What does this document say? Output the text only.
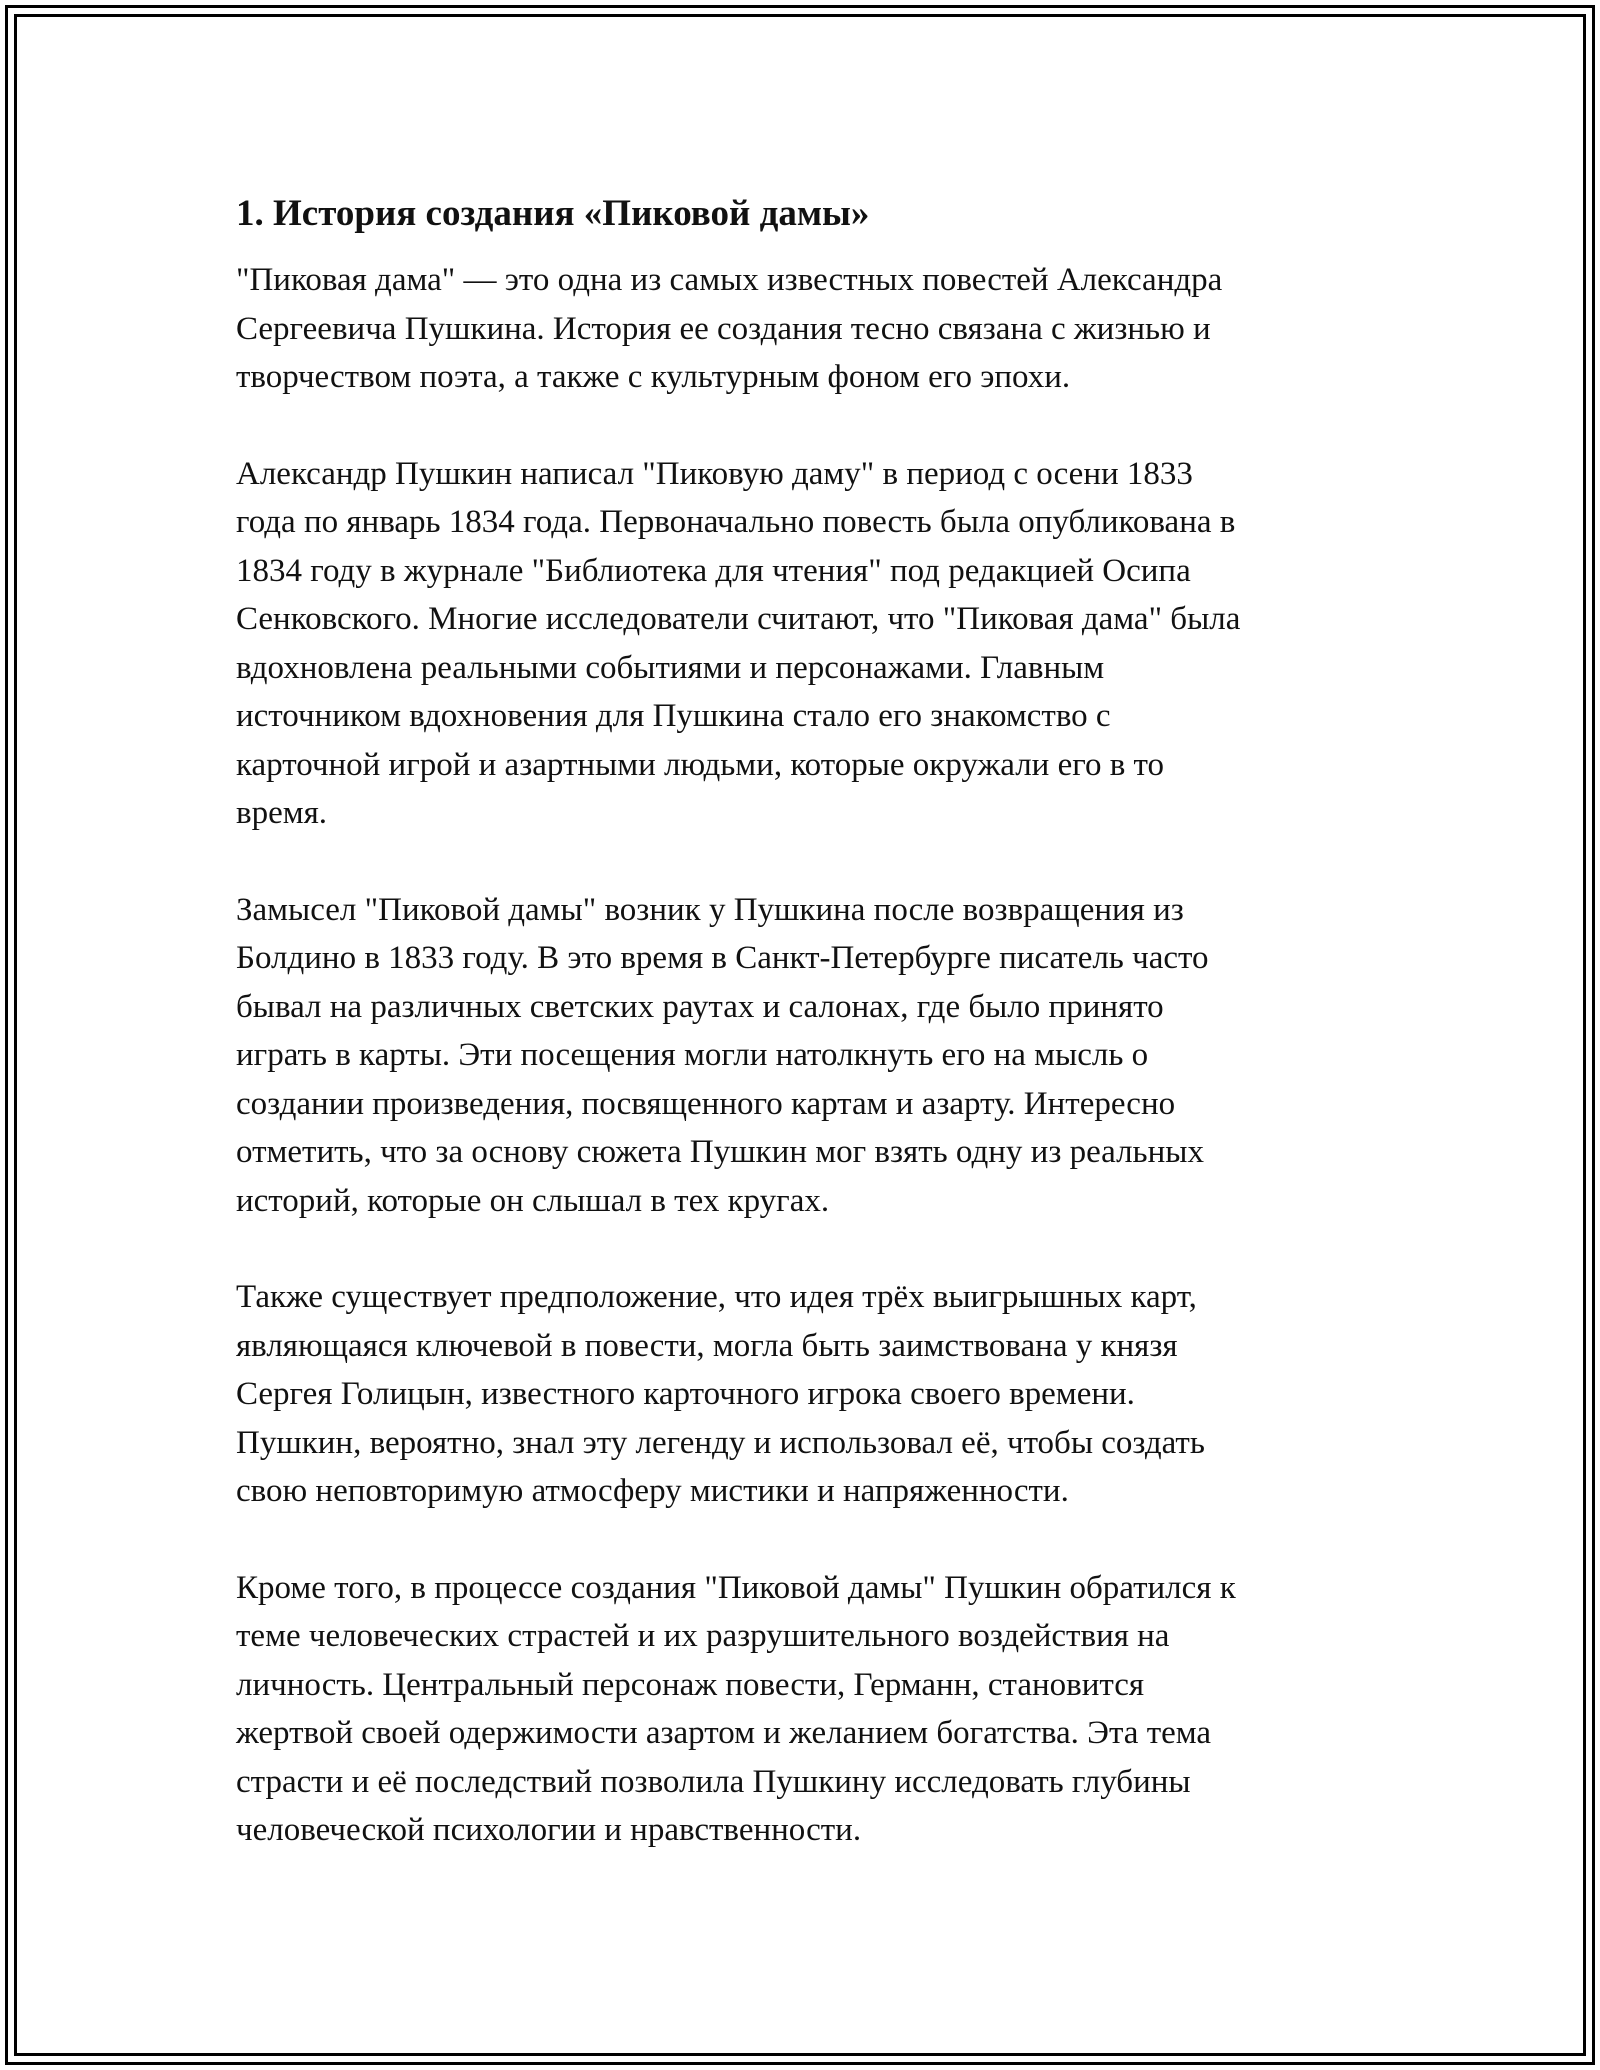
1. История создания «Пиковой дамы»

"Пиковая дама" — это одна из самых известных повестей Александра
Сергеевича Пушкина. История ее создания тесно связана с жизнью и
творчеством поэта, а также с культурным фоном его эпохи.

Александр Пушкин написал "Пиковую даму" в период с осени 1833
года по январь 1834 года. Первоначально повесть была опубликована в
1834 году в журнале "Библиотека для чтения" под редакцией Осипа
Сенковского. Многие исследователи считают, что "Пиковая дама" была
вдохновлена реальными событиями и персонажами. Главным
источником вдохновения для Пушкина стало его знакомство с
карточной игрой и азартными людьми, которые окружали его в то
время.

Замысел "Пиковой дамы" возник у Пушкина после возвращения из
Болдино в 1833 году. В это время в Санкт-Петербурге писатель часто
бывал на различных светских раутах и салонах, где было принято
играть в карты. Эти посещения могли натолкнуть его на мысль о
создании произведения, посвященного картам и азарту. Интересно
отметить, что за основу сюжета Пушкин мог взять одну из реальных
историй, которые он слышал в тех кругах.

Также существует предположение, что идея трёх выигрышных карт,
являющаяся ключевой в повести, могла быть заимствована у князя
Сергея Голицын, известного карточного игрока своего времени.
Пушкин, вероятно, знал эту легенду и использовал её, чтобы создать
свою неповторимую атмосферу мистики и напряженности.

Кроме того, в процессе создания "Пиковой дамы" Пушкин обратился к
теме человеческих страстей и их разрушительного воздействия на
личность. Центральный персонаж повести, Германн, становится
жертвой своей одержимости азартом и желанием богатства. Эта тема
страсти и её последствий позволила Пушкину исследовать глубины
человеческой психологии и нравственности.
